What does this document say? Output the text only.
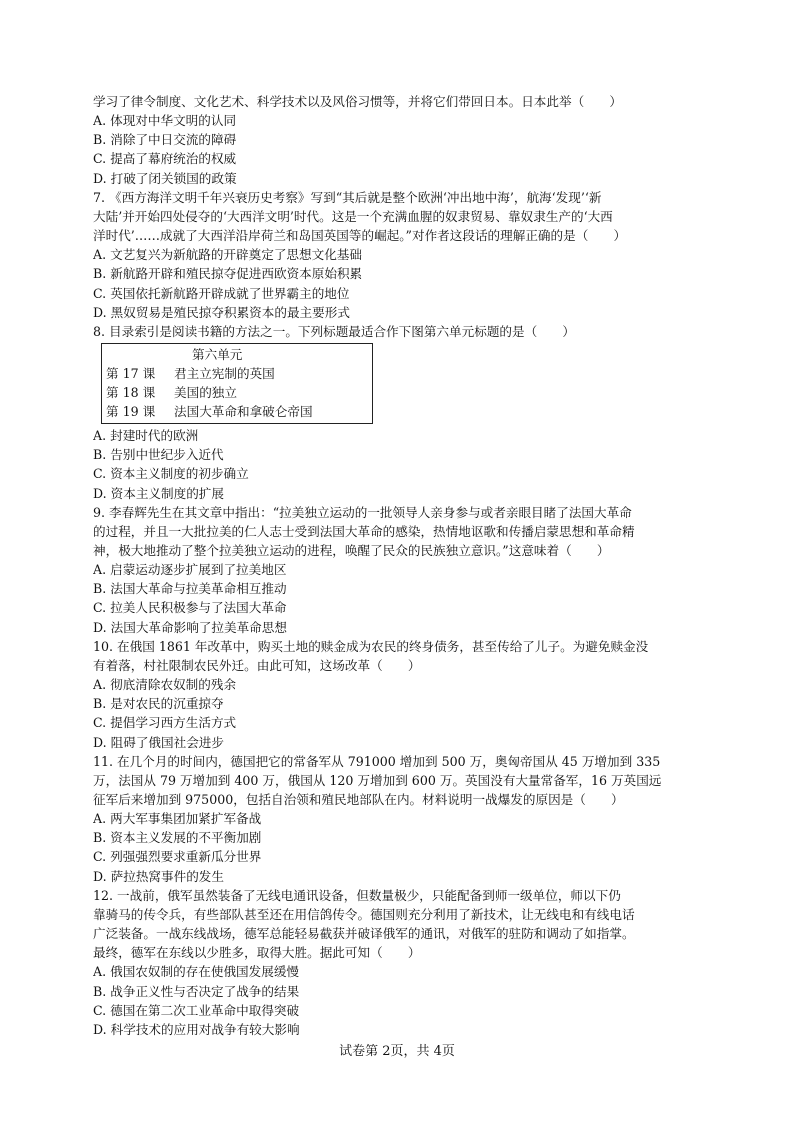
学习了律令制度、文化艺术、科学技术以及风俗习惯等，并将它们带回日本。日本此举（　　）
A. 体现对中华文明的认同
B. 消除了中日交流的障碍
C. 提高了幕府统治的权威
D. 打破了闭关锁国的政策
7. 《西方海洋文明千年兴衰历史考察》写到“其后就是整个欧洲‘冲出地中海’，航海‘发现’‘新
大陆’并开始四处侵夺的‘大西洋文明’时代。这是一个充满血腥的奴隶贸易、靠奴隶生产的‘大西
洋时代’……成就了大西洋沿岸荷兰和岛国英国等的崛起。”对作者这段话的理解正确的是（　　）
A. 文艺复兴为新航路的开辟奠定了思想文化基础
B. 新航路开辟和殖民掠夺促进西欧资本原始积累
C. 英国依托新航路开辟成就了世界霸主的地位
D. 黑奴贸易是殖民掠夺积累资本的最主要形式
8. 目录索引是阅读书籍的方法之一。下列标题最适合作下图第六单元标题的是（　　）
第六单元
第 17 课 君主立宪制的英国
第 18 课 美国的独立
第 19 课 法国大革命和拿破仑帝国
A. 封建时代的欧洲
B. 告别中世纪步入近代
C. 资本主义制度的初步确立
D. 资本主义制度的扩展
9. 李春辉先生在其文章中指出：“拉美独立运动的一批领导人亲身参与或者亲眼目睹了法国大革命
的过程，并且一大批拉美的仁人志士受到法国大革命的感染，热情地讴歌和传播启蒙思想和革命精
神，极大地推动了整个拉美独立运动的进程，唤醒了民众的民族独立意识。”这意味着（　　）
A. 启蒙运动逐步扩展到了拉美地区
B. 法国大革命与拉美革命相互推动
C. 拉美人民积极参与了法国大革命
D. 法国大革命影响了拉美革命思想
10. 在俄国 1861 年改革中，购买土地的赎金成为农民的终身债务，甚至传给了儿子。为避免赎金没
有着落，村社限制农民外迁。由此可知，这场改革（　　）
A. 彻底清除农奴制的残余
B. 是对农民的沉重掠夺
C. 提倡学习西方生活方式
D. 阻碍了俄国社会进步
11. 在几个月的时间内，德国把它的常备军从 791000 增加到 500 万，奥匈帝国从 45 万增加到 335
万，法国从 79 万增加到 400 万，俄国从 120 万增加到 600 万。英国没有大量常备军，16 万英国远
征军后来增加到 975000，包括自治领和殖民地部队在内。材料说明一战爆发的原因是（　　）
A. 两大军事集团加紧扩军备战
B. 资本主义发展的不平衡加剧
C. 列强强烈要求重新瓜分世界
D. 萨拉热窝事件的发生
12. 一战前，俄军虽然装备了无线电通讯设备，但数量极少，只能配备到师一级单位，师以下仍
靠骑马的传令兵，有些部队甚至还在用信鸽传令。德国则充分利用了新技术，让无线电和有线电话
广泛装备。一战东线战场，德军总能轻易截获并破译俄军的通讯，对俄军的驻防和调动了如指掌。
最终，德军在东线以少胜多，取得大胜。据此可知（　　）
A. 俄国农奴制的存在使俄国发展缓慢
B. 战争正义性与否决定了战争的结果
C. 德国在第二次工业革命中取得突破
D. 科学技术的应用对战争有较大影响
试卷第 2页，共 4页
